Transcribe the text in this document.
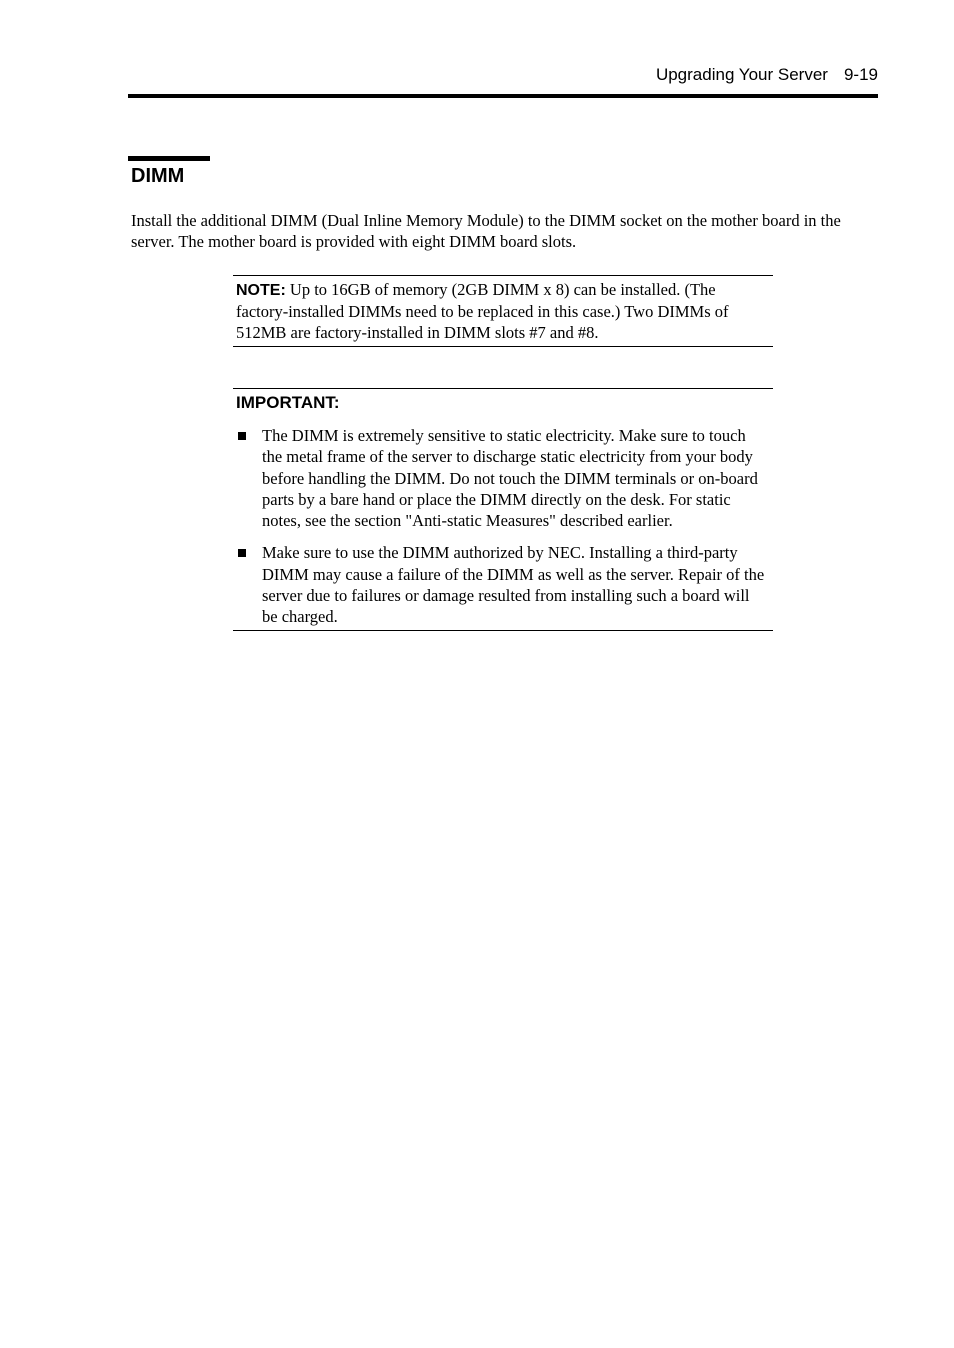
Upgrading Your Server 9-19
DIMM

Install the additional DIMM (Dual Inline Memory Module) to the DIMM socket on the mother board in the server. The mother board is provided with eight DIMM board slots.

NOTE: Up to 16GB of memory (2GB DIMM x 8) can be installed. (The factory-installed DIMMs need to be replaced in this case.) Two DIMMs of 512MB are factory-installed in DIMM slots #7 and #8.
IMPORTANT:
The DIMM is extremely sensitive to static electricity. Make sure to touch the metal frame of the server to discharge static electricity from your body before handling the DIMM. Do not touch the DIMM terminals or on-board parts by a bare hand or place the DIMM directly on the desk. For static notes, see the section "Anti-static Measures" described earlier.
Make sure to use the DIMM authorized by NEC. Installing a third-party DIMM may cause a failure of the DIMM as well as the server. Repair of the server due to failures or damage resulted from installing such a board will be charged.
